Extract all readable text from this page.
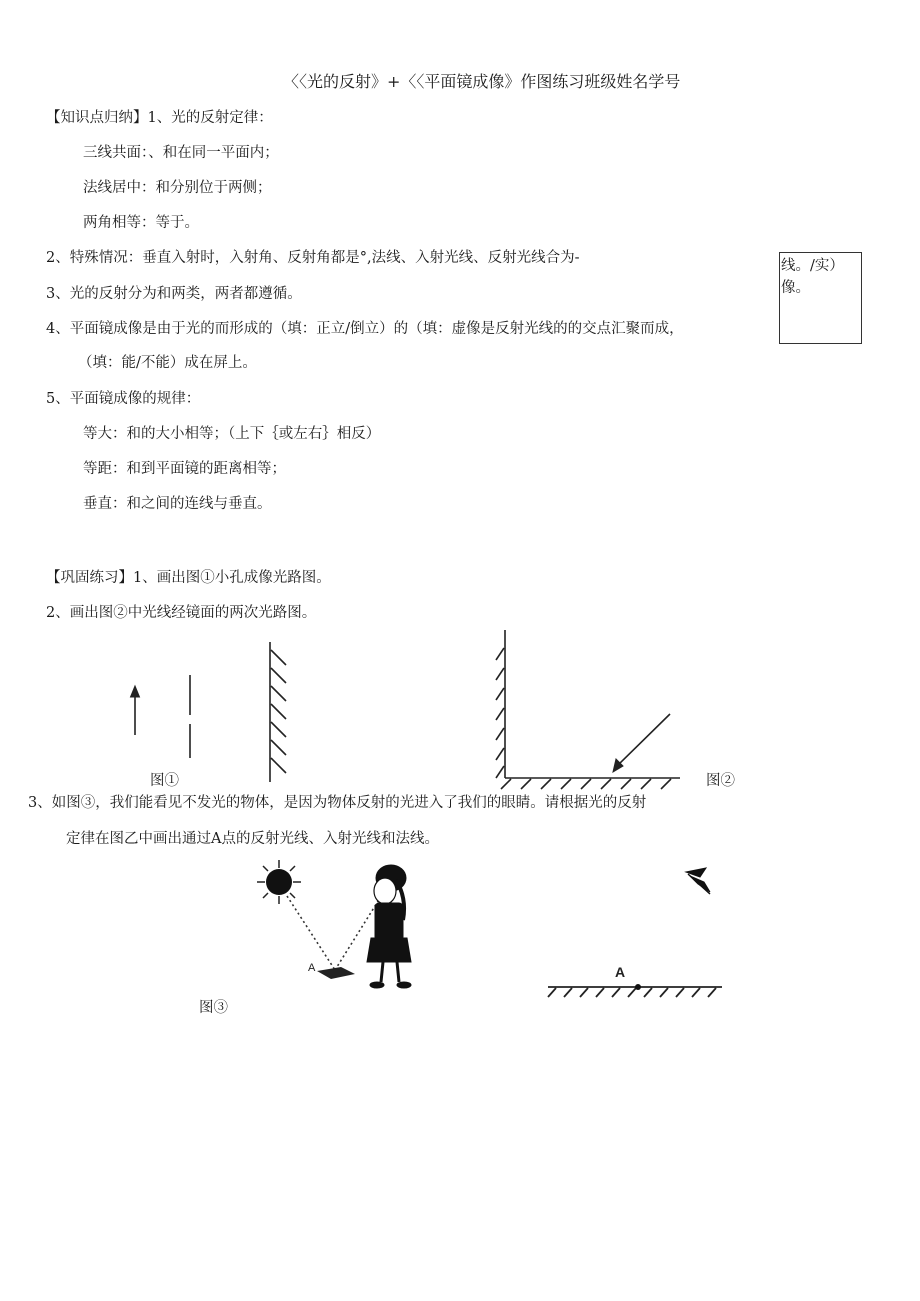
〈〈光的反射》+〈〈平面镜成像》作图练习班级姓名学号
【知识点归纳】1、光的反射定律：
三线共面：、和在同一平面内；
法线居中：和分别位于两侧；
两角相等：等于。
2、特殊情况：垂直入射时，入射角、反射角都是°,法线、入射光线、反射光线合为-
3、光的反射分为和两类，两者都遵循。
4、平面镜成像是由于光的而形成的（填：正立/倒立）的（填：虚像是反射光线的的交点汇聚而成，
（填：能/不能）成在屏上。
5、平面镜成像的规律：
等大：和的大小相等；（上下｛或左右｝相反）
等距：和到平面镜的距离相等；
垂直：和之间的连线与垂直。
线。/实）
像。
【巩固练习】1、画出图①小孔成像光路图。
2、画出图②中光线经镜面的两次光路图。
图①	图②
3、如图③，我们能看见不发光的物体，是因为物体反射的光进入了我们的眼睛。请根据光的反射
定律在图乙中画出通过A点的反射光线、入射光线和法线。
A
图③
A
